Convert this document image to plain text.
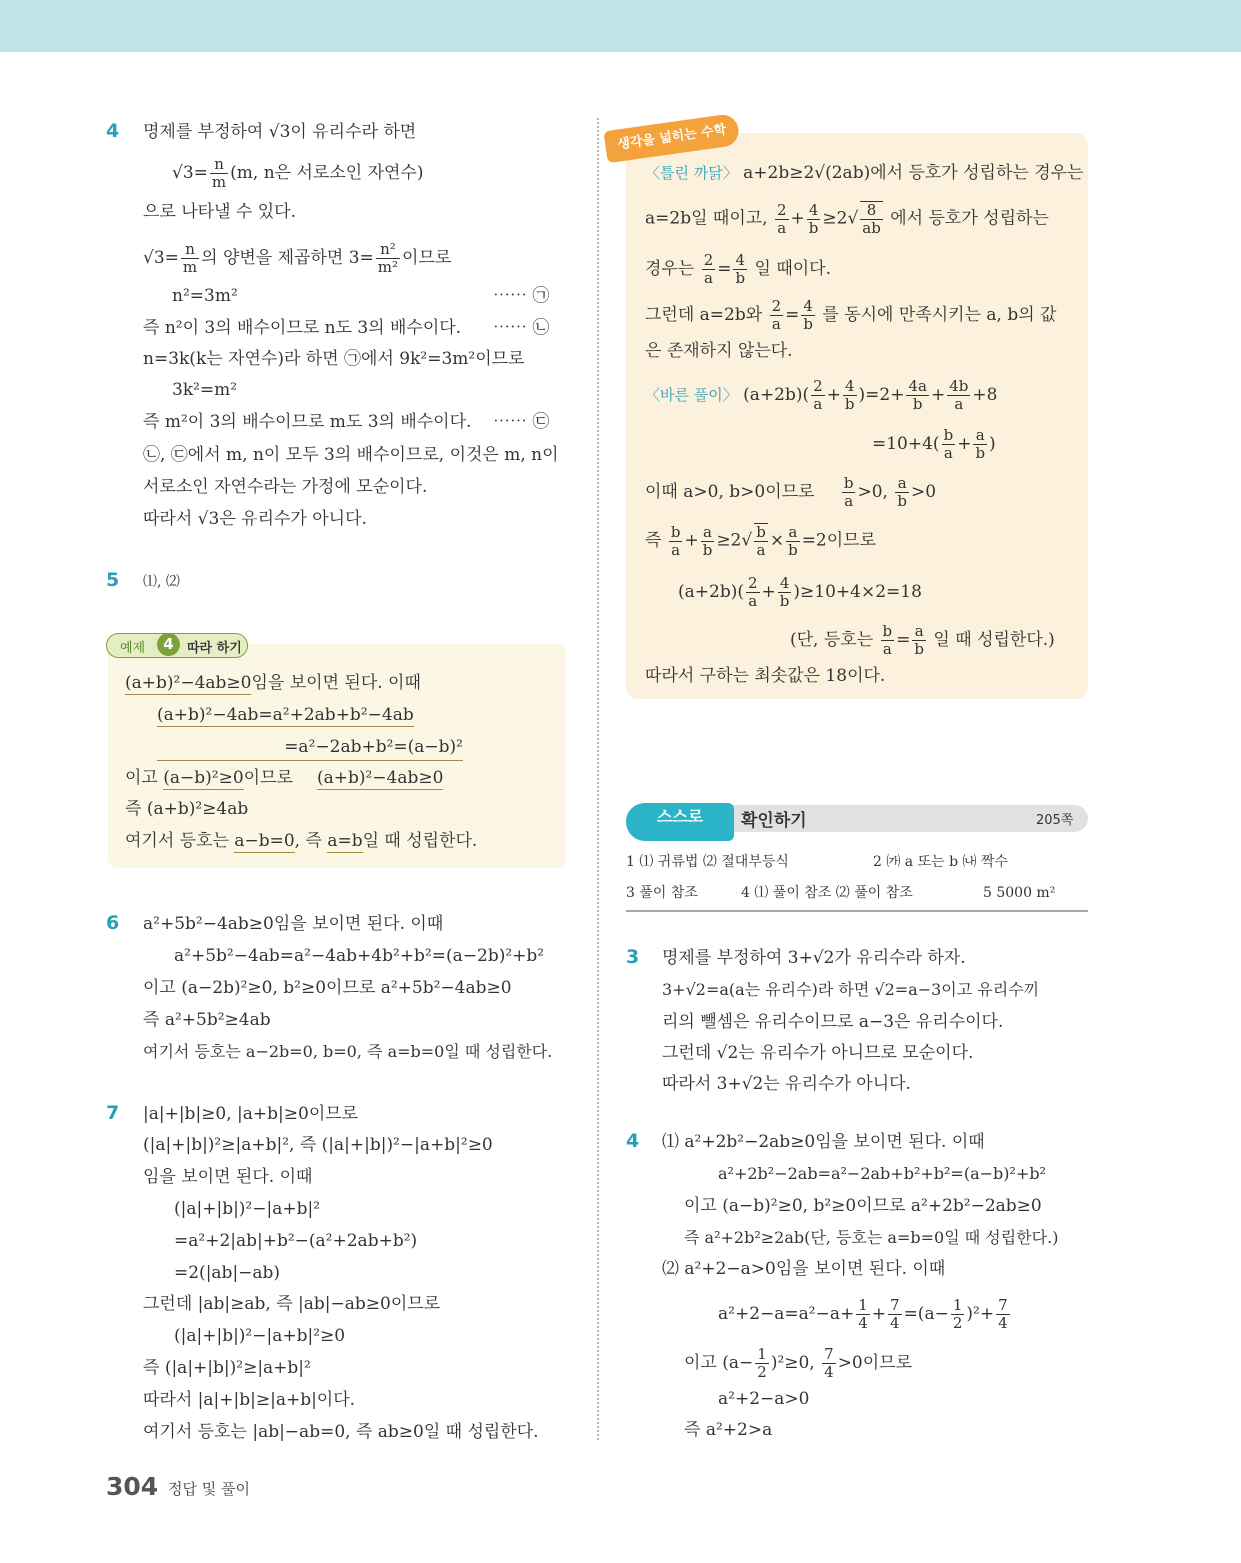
4 명제를 부정하여 √3이 유리수라 하면
$√3= \frac{n}{m} (m$, n은 서로소인 자연수)
으로 나타낼 수 있다.
$√3= \frac{n}{m}$ 의 양변을 제곱하면 $3= \frac{\text{n²}}{\text{m²}}$ 이므로
n²=3m²	⋯⋯ ㉠
즉 n²이 3의 배수이므로 n도 3의 배수이다. ⋯⋯ ㉡
n=3k(k는 자연수)라 하면 ㉠에서 9k²=3m²이므로
3k²=m²
즉 m²이 3의 배수이므로 m도 3의 배수이다. ⋯⋯ ㉢
㉡, ㉢에서 m, n이 모두 3의 배수이므로, 이것은 m, n이
서로소인 자연수라는 가정에 모순이다.
따라서 √3은 유리수가 아니다.
5 ⑴, ⑵
예제	4	따라 하기
(a+b)²−4ab≥0임을 보이면 된다. 이때
(a+b)²−4ab=a²+2ab+b²−4ab
=a²−2ab+b²=(a−b)²
이고 (a−b)²≥0이므로 (a+b)²−4ab≥0
즉 (a+b)²≥4ab
여기서 등호는 a−b=0, 즉 a=b일 때 성립한다.
6 a²+5b²−4ab≥0임을 보이면 된다. 이때
a²+5b²−4ab=a²−4ab+4b²+b²=(a−2b)²+b²
이고 (a−2b)²≥0, b²≥0이므로 a²+5b²−4ab≥0
즉 a²+5b²≥4ab
여기서 등호는 a−2b=0, b=0, 즉 a=b=0일 때 성립한다.
7 |a|+|b|≥0, |a+b|≥0이므로
(|a|+|b|)²≥|a+b|², 즉 (|a|+|b|)²−|a+b|²≥0
임을 보이면 된다. 이때
(|a|+|b|)²−|a+b|²
=a²+2|ab|+b²−(a²+2ab+b²)
=2(|ab|−ab)
그런데 |ab|≥ab, 즉 |ab|−ab≥0이므로
(|a|+|b|)²−|a+b|²≥0
즉 (|a|+|b|)²≥|a+b|²
따라서 |a|+|b|≥|a+b|이다.
여기서 등호는 |ab|−ab=0, 즉 ab≥0일 때 성립한다.
생각을 넓히는 수학
〈틀린 까닭〉 a+2b≥2√(2ab)에서 등호가 성립하는 경우는
a=2b일 때이고, $\frac{2}{a} + \frac{4}{b} \ge 2√ \frac{8}{ab}$ 에서 등호가 성립하는
경우는 $\frac{2}{a} = \frac{4}{b}$ 일 때이다.
그런데 a=2b와 $\frac{2}{a} = \frac{4}{b}$ 를 동시에 만족시키는 a, b의 값
은 존재하지 않는다.
〈바른 풀이〉 $(a+2b)( \frac{2}{a} + \frac{4}{b} )=2+ \frac{4a}{b} + \frac{4b}{a} +8$
$=10+4( \frac{b}{a} + \frac{a}{b}$ )
이때 a>0, b>0이므로 $\frac{b}{a} >0$, $\frac{a}{b} >0$
즉 $\frac{b}{a} + \frac{a}{b} \ge 2√ \frac{b}{a} \times \frac{a}{b} =2$이므로
$(a+2b)( \frac{2}{a} + \frac{4}{b} )\ge 10+4\times 2=18$
(단, 등호는 $\frac{b}{a} = \frac{a}{b}$ 일 때 성립한다.)
따라서 구하는 최솟값은 18이다.
스스로	확인하기	205쪽
1 ⑴ 귀류법 ⑵ 절대부등식	2 ㈎ a 또는 b ㈏ 짝수
3 풀이 참조	4 ⑴ 풀이 참조 ⑵ 풀이 참조	5 5000 m²
3 명제를 부정하여 3+√2가 유리수라 하자.
3+√2=a(a는 유리수)라 하면 √2=a−3이고 유리수끼
리의 뺄셈은 유리수이므로 a−3은 유리수이다.
그런데 √2는 유리수가 아니므로 모순이다.
따라서 3+√2는 유리수가 아니다.
4 ⑴ a²+2b²−2ab≥0임을 보이면 된다. 이때
a²+2b²−2ab=a²−2ab+b²+b²=(a−b)²+b²
이고 (a−b)²≥0, b²≥0이므로 a²+2b²−2ab≥0
즉 a²+2b²≥2ab(단, 등호는 a=b=0일 때 성립한다.)
⑵ a²+2−a>0임을 보이면 된다. 이때
$a^2+2-a=a^2-a+ \frac{1}{4} + \frac{7}{4} =(a- \frac{1}{2} )^2+ \frac{7}{4}$
이고 $(a- \frac{1}{2} )^2\ge 0$, $\frac{7}{4} >0$이므로
a²+2−a>0
즉 a²+2>a
304 정답 및 풀이
